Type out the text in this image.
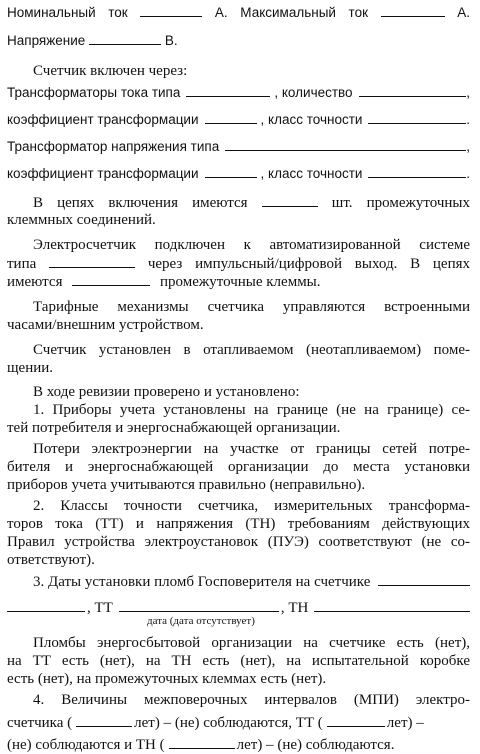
Номинальный ток	А. Максимальный ток	А.
Напряжение	В.
Счетчик включен через:
Трансформаторы тока типа	, количество	,
коэффициент трансформации	, класс точности	.
Трансформатор напряжения типа	,
коэффициент трансформации	, класс точности	.
В цепях включения имеются	шт. промежуточных
клеммных соединений.
Электросчетчик подключен к автоматизированной системе
типа	через импульсный/цифровой выход. В цепях
имеются	промежуточные клеммы.
Тарифные механизмы счетчика управляются встроенными
часами/внешним устройством.
Счетчик установлен в отапливаемом (неотапливаемом) поме-
щении.
В ходе ревизии проверено и установлено:
1. Приборы учета установлены на границе (не на границе) се-
тей потребителя и энергоснабжающей организации.
Потери электроэнергии на участке от границы сетей потре-
бителя и энергоснабжающей организации до места установки
приборов учета учитываются правильно (неправильно).
2. Классы точности счетчика, измерительных трансформа-
торов тока (ТТ) и напряжения (ТН) требованиям действующих
Правил устройства электроустановок (ПУЭ) соответствуют (не со-
ответствуют).
3. Даты установки пломб Госповерителя на счетчике
, ТТ	, ТН
дата (дата отсутствует)
Пломбы энергосбытовой организации на счетчике есть (нет),
на ТТ есть (нет), на ТН есть (нет), на испытательной коробке
есть (нет), на промежуточных клеммах есть (нет).
4. Величины межповерочных интервалов (МПИ) электро-
счетчика (	лет) – (не) соблюдаются, ТТ (	лет) –
(не) соблюдаются и ТН (	лет) – (не) соблюдаются.
